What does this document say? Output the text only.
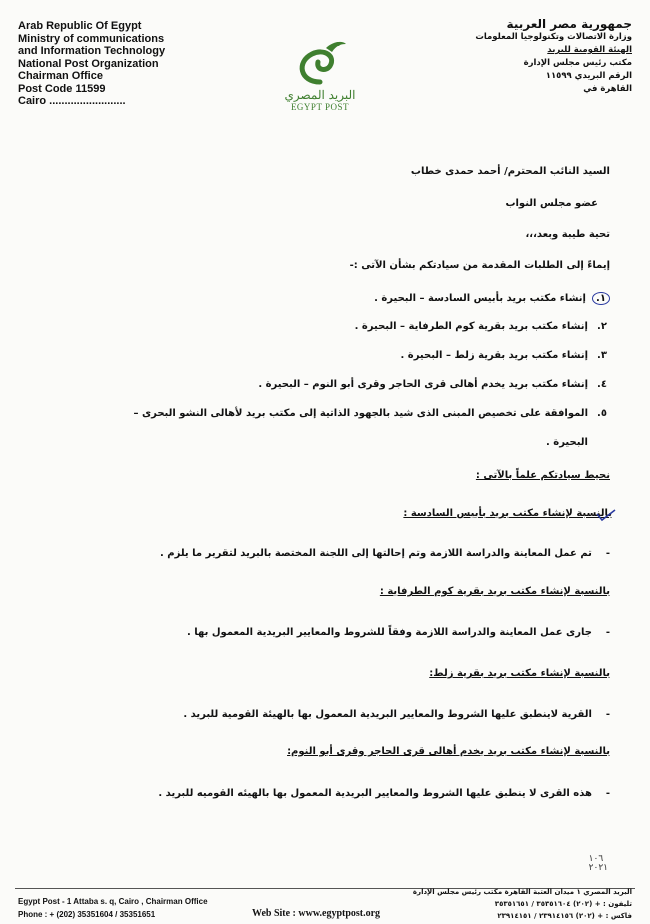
Arab Republic Of Egypt
Ministry of communications
and Information Technology
National Post Organization
Chairman Office
Post Code 11599
Cairo .........................	البريد المصري
EGYPT POST
جمهورية مصر العربية
وزارة الاتصالات وتكنولوجيا المعلومات
الهيئة القومية للبريد
مكتب رئيس مجلس الإدارة
الرقم البريدي ١١٥٩٩
القاهرة في
السيد النائب المحترم/ أحمد حمدى خطاب
عضو مجلس النواب
تحية طيبة وبعد،،،
إيماءً إلى الطلبات المقدمة من سيادتكم بشأن الآتى :-
١.إنشاء مكتب بريد بأبيس السادسة – البحيرة .
٢.إنشاء مكتب بريد بقرية كوم الطرفاية – البحيرة .
٣.إنشاء مكتب بريد بقرية زلط – البحيرة .
٤.إنشاء مكتب بريد يخدم أهالى قرى الحاجر وقرى أبو النوم – البحيرة .
٥.الموافقة على تخصيص المبنى الذى شيد بالجهود الذاتية إلى مكتب بريد لأهالى النشو البحرى –
البحيرة .
نحيط سيادتكم علماً بالآتى :
بالنسبة لإنشاء مكتب بريد بأبيس السادسة :
-    تم عمل المعاينة والدراسة اللازمة وتم إحالتها إلى اللجنة المختصة بالبريد لتقرير ما يلزم .
بالنسبة لإنشاء مكتب بريد بقرية كوم الطرفاية :
-    جارى عمل المعاينة والدراسة اللازمة وفقاً للشروط والمعايير البريدية المعمول بها .
بالنسبة لإنشاء مكتب بريد بقرية زلط:
-    القرية لاينطبق عليها الشروط والمعايير البريدية المعمول بها بالهيئة القومية للبريد .
بالنسبة لإنشاء مكتب بريد يخدم أهالى قرى الحاجر وقرى أبو النوم:
-    هذه القرى لا ينطبق عليها الشروط والمعايير البريدية المعمول بها بالهيئه القوميه للبريد .
١٠٦
٢٠٢١
Egypt Post - 1 Attaba s. q, Cairo , Chairman Office
Phone : + (202) 35351604 / 35351651	Web Site : www.egyptpost.org
البريد المصري ١ ميدان العتبة القاهرة مكتب رئيس مجلس الإدارة
تليفون : + (٢٠٢) ٣٥٣٥١٦٠٤ / ٣٥٣٥١٦٥١
فاكس : + (٢٠٢) ٢٣٩١٤١٥٦ / ٢٣٩١٤١٥١
